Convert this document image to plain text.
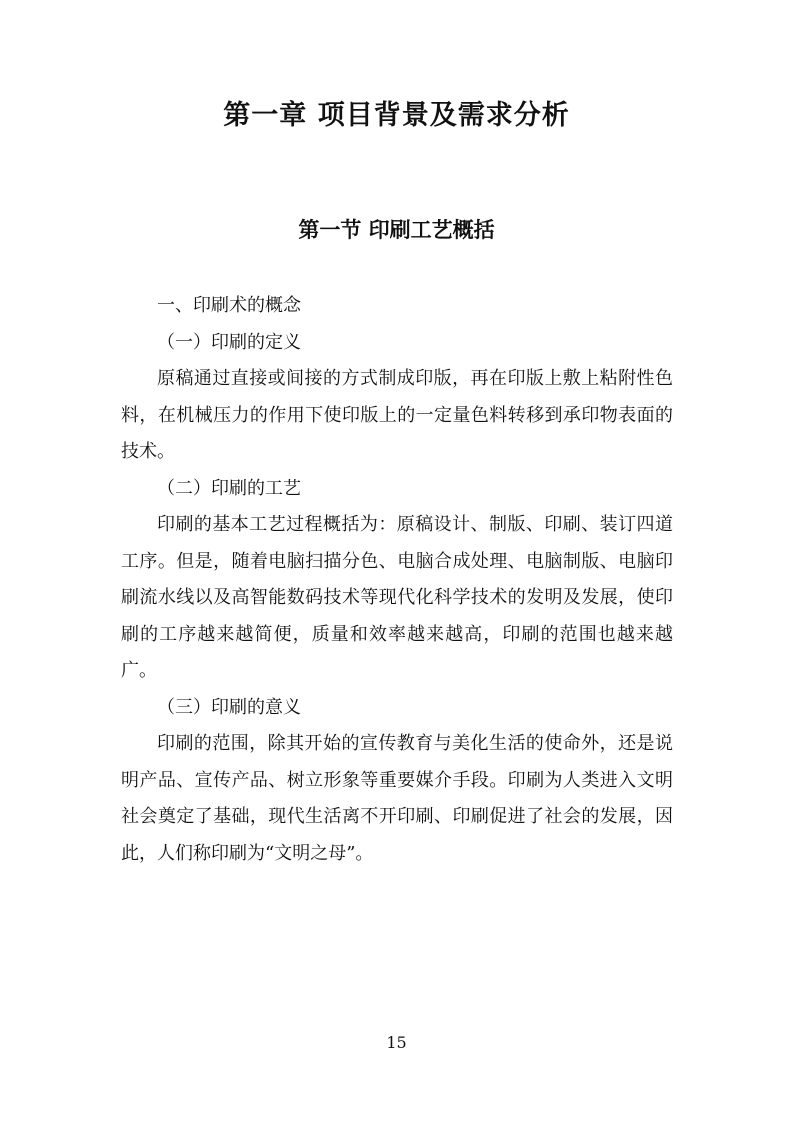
第一章 项目背景及需求分析
第一节 印刷工艺概括

一、印刷术的概念

（一）印刷的定义

原稿通过直接或间接的方式制成印版，再在印版上敷上粘附性色料，在机械压力的作用下使印版上的一定量色料转移到承印物表面的技术。

（二）印刷的工艺

印刷的基本工艺过程概括为：原稿设计、制版、印刷、装订四道工序。但是，随着电脑扫描分色、电脑合成处理、电脑制版、电脑印刷流水线以及高智能数码技术等现代化科学技术的发明及发展，使印刷的工序越来越简便，质量和效率越来越高，印刷的范围也越来越广。

（三）印刷的意义

印刷的范围，除其开始的宣传教育与美化生活的使命外，还是说明产品、宣传产品、树立形象等重要媒介手段。印刷为人类进入文明社会奠定了基础，现代生活离不开印刷、印刷促进了社会的发展，因此，人们称印刷为“文明之母”。

15
